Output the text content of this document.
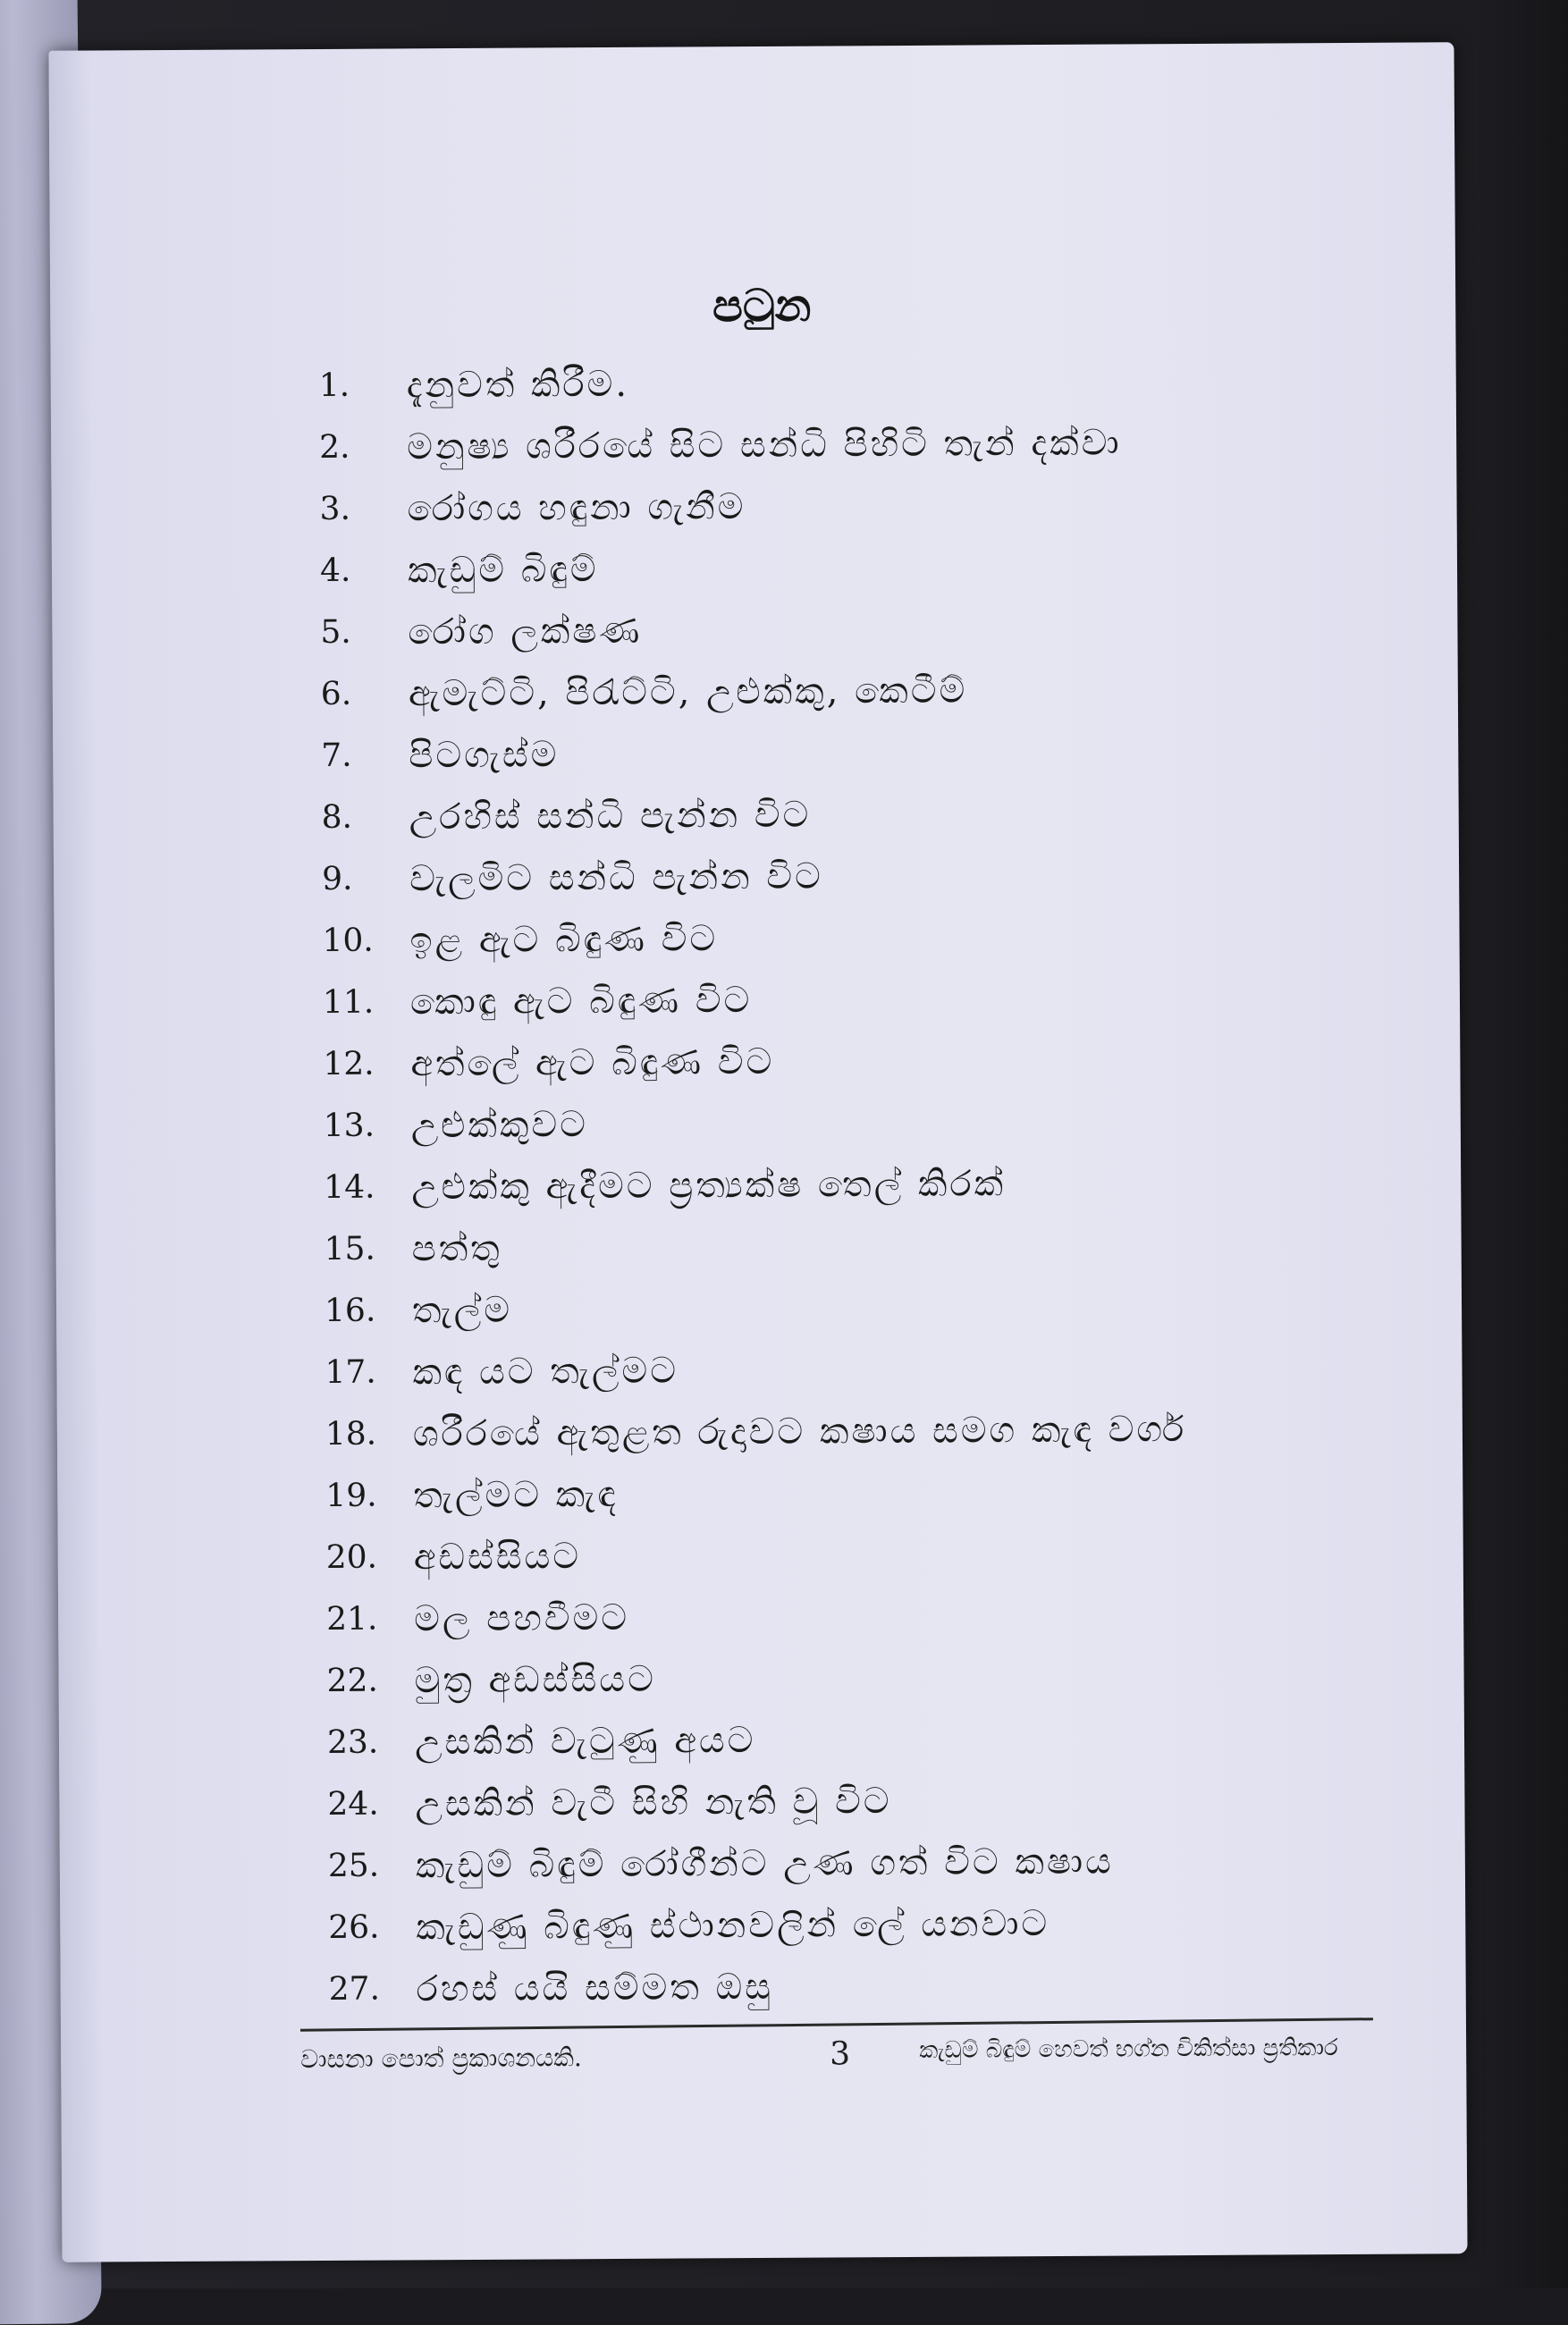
පටුන
1.	දැනුවත් කිරීම.
2.	මනුෂ්‍ය ශරීරයේ සිට සන්ධි පිහිටි තැන් දක්වා
3.	රෝගය හඳුනා ගැනීම
4.	කැඩුම් බිඳුම්
5.	රෝග ලක්ෂණ
6.	ඇමැට්ටි, පිරැට්ටි, උළුක්කු, කෙටීම්
7.	පිටගැස්ම
8.	උරහිස් සන්ධි පැන්න විට
9.	වැලමිට සන්ධි පැන්න විට
10.	ඉළ ඇට බිඳුණ විට
11.	කොඳු ඇට බිඳුණ විට
12.	අත්ලේ ඇට බිඳුණ විට
13.	උළුක්කුවට
14.	උළුක්කු ඇදීමට ප්‍රත්‍යක්ෂ තෙල් කිරක්
15.	පත්තු
16.	තැල්ම
17.	කඳ යට තැල්මට
18.	ශරීරයේ ඇතුළත රුදාවට කෂාය සමග කැඳ වර්ග
19.	තැල්මට කැඳ
20.	අඩස්සියට
21.	මල පහවීමට
22.	මුත්‍ර අඩස්සියට
23.	උසකින් වැටුණු අයට
24.	උසකින් වැටී සිහි නැති වූ විට
25.	කැඩුම් බිඳුම් රෝගීන්ට උණ ගත් විට කෂාය
26.	කැඩුණු බිඳුණු ස්ථානවලින් ලේ යනවාට
27.	රහස් යයි සම්මත ඔසු
වාසනා පොත් ප්‍රකාශනයකි.	3	කැඩුම් බිඳුම් හෙවත් භග්න චිකිත්සා ප්‍රතිකාර
